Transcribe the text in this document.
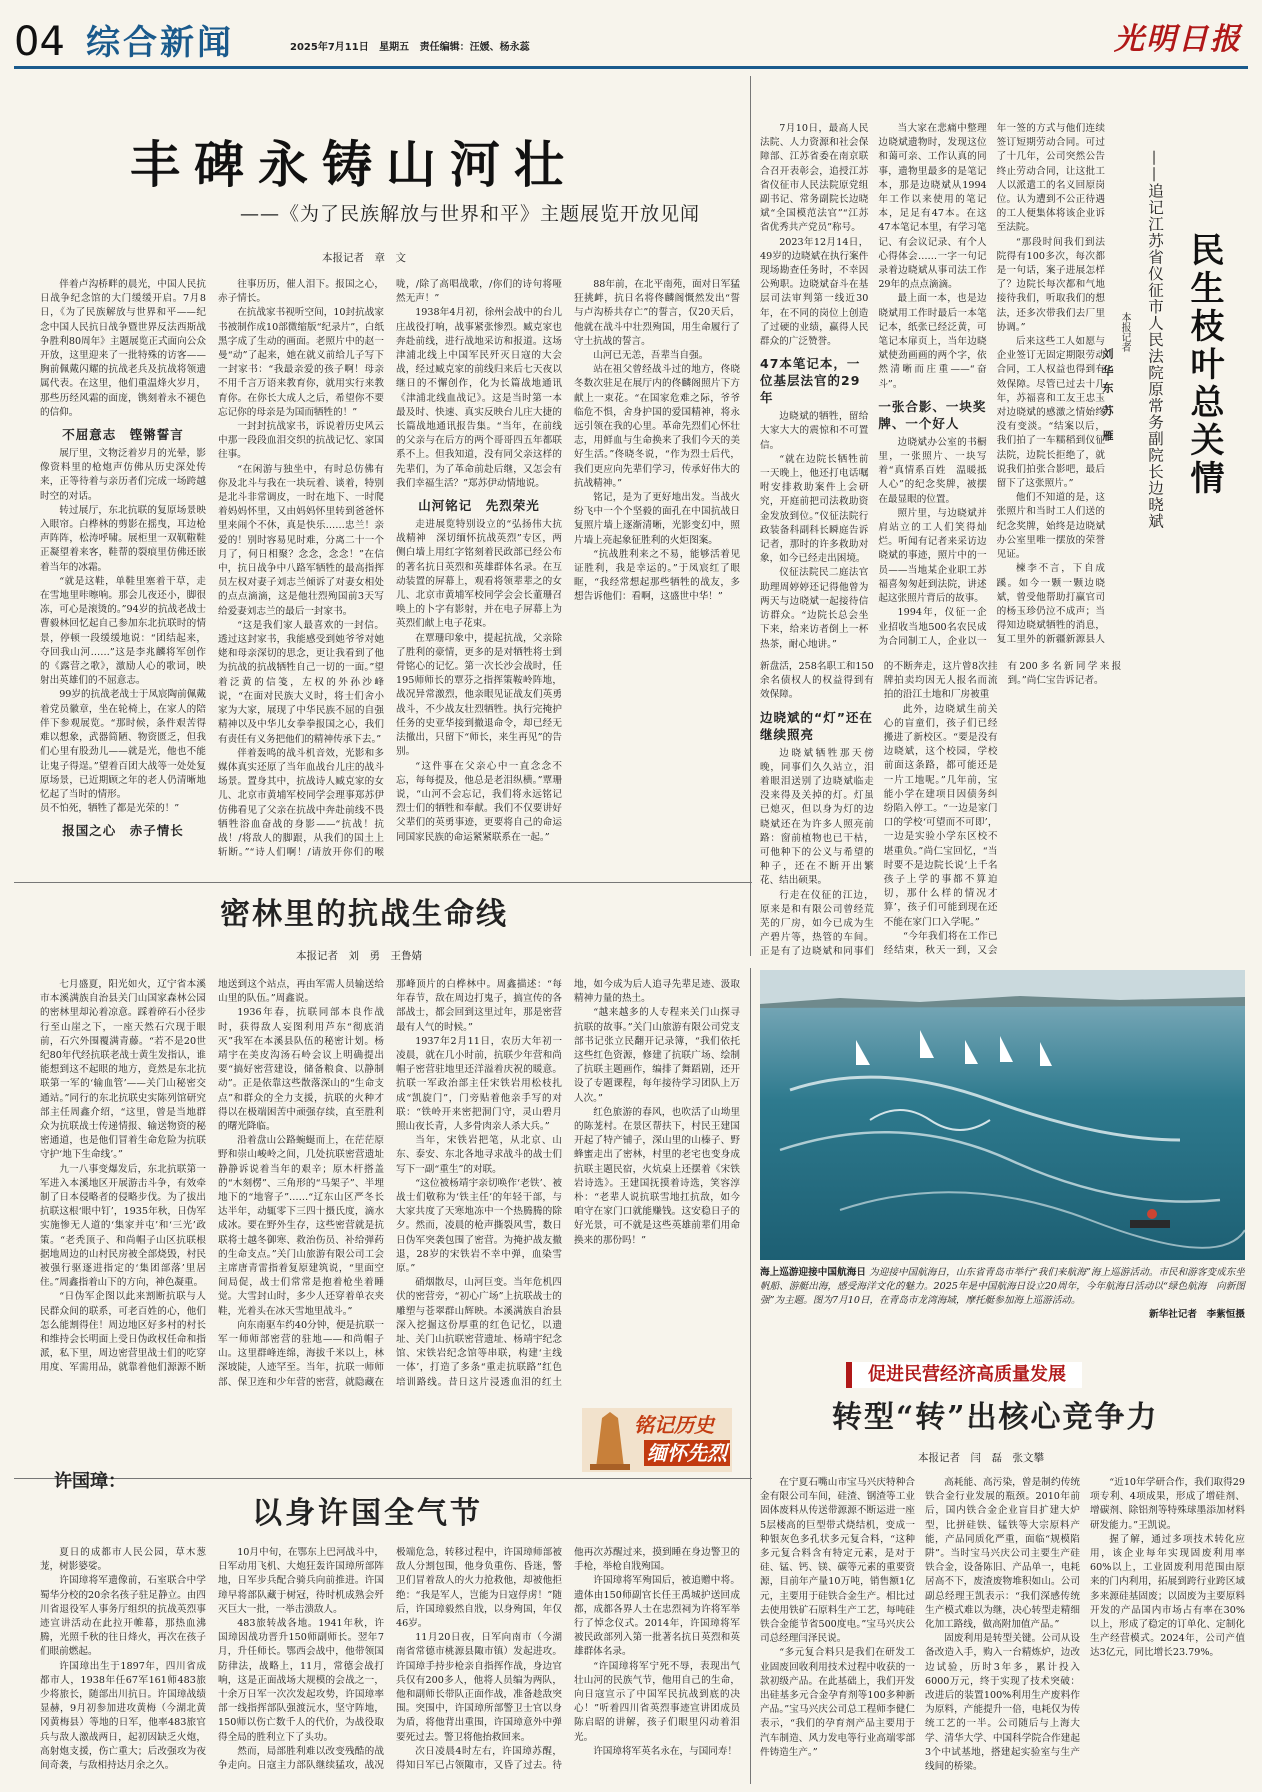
04 综合新闻	2025年7月11日 星期五 责任编辑：汪媛、杨永蕊	光明日报
丰碑永铸山河壮
——《为了民族解放与世界和平》主题展览开放见闻
本报记者　章　文

伴着卢沟桥畔的晨光，中国人民抗日战争纪念馆的大门缓缓开启。7月8日，《为了民族解放与世界和平——纪念中国人民抗日战争暨世界反法西斯战争胜利80周年》主题展览正式面向公众开放，这里迎来了一批特殊的访客——胸前佩戴闪耀的抗战老兵及抗战将领遗属代表。在这里，他们重温烽火岁月，那些历经风霜的面庞，镌刻着永不褪色的信仰。

不屈意志　铿锵誓言

展厅里，文物泛着岁月的光晕，影像资料里的枪炮声仿佛从历史深处传来，正等待着与亲历者们完成一场跨越时空的对话。

转过展厅，东北抗联的复原场景映入眼帘。白桦林的剪影在摇曳，耳边枪声阵阵，松涛呼啸。展柜里一双靰鞡鞋正凝望着来客，鞋帮的裂痕里仿佛还嵌着当年的冰霜。

“就是这鞋，单鞋里塞着干草，走在雪地里咔嚓响。那会儿夜还小，脚很冻，可心是滚烫的。”94岁的抗战老战士曹毅林回忆起自己参加东北抗联时的情景，停顿一段缓缓地说：“团结起来，夺回我山河……”这是李兆麟将军创作的《露营之歌》，激励人心的歌词，映射出英雄们的不屈意志。

99岁的抗战老战士于凤宸陶前佩戴着党员徽章，坐在轮椅上，在家人的陪伴下参观展览。“那时候，条件艰苦得难以想象，武器简陋、物资匮乏，但我们心里有股劲儿——就是光，他也不能让鬼子得逞。”望着百团大战等一处处复原场景，已近期顾之年的老人仍清晰地忆起了当时的情形。

员不怕死，牺牲了都是光荣的！”

报国之心　赤子情长

往事历历，催人泪下。报国之心，赤子情长。

在抗战家书视听空间，10封抗战家书被制作成10部微缩版“纪录片”，白纸黑字成了生动的画面。老照片中的赵一曼“动”了起来，她在就义前给儿子写下一封家书：“我最亲爱的孩子啊！母亲不用千言万语来教育你，就用实行来教育你。在你长大成人之后，希望你不要忘记你的母亲是为国而牺牲的！”

一封封抗战家书，诉说着历史风云中那一段段血泪交织的抗战记忆、家国往事。

“在闲游与独坐中，有时总仿佛有你及北斗与我在一块玩着、谈着，特别是北斗非常调皮，一时在地下、一时爬着妈妈怀里，又由妈妈怀里转到爸爸怀里来闹个不休，真是快乐……忠兰！亲爱的！别时容易见时难，分离二十一个月了，何日相聚？念念，念念！”在信中，抗日战争中八路军牺牲的最高指挥员左权对妻子刘志兰倾诉了对妻女相处的点点滴滴，这是他壮烈殉国前3天写给爱妻刘志兰的最后一封家书。

“这是我们家人最喜欢的一封信。透过这封家书，我能感受到她爷爷对她姥和母亲深切的思念，更让我看到了他为抗战的抗战牺牲自己一切的一面。”望着泛黄的信笺，左权的外孙沙峰说，“在面对民族大义时，将士们舍小家为大家，展现了中华民族不屈的自强精神以及中华儿女拳拳报国之心，我们有责任有义务把他们的精神传承下去。”

伴着轰鸣的战斗机音效，光影和多媒体真实还原了当年血战台儿庄的战斗场景。置身其中，抗战诗人臧克家的女儿、北京市黄埔军校同学会理事郑苏伊仿佛看见了父亲在抗战中奔赴前线不畏牺牲浴血奋战的身影——“抗战！抗战！/将敌人的脚跟，从我们的国土上斩断。”“诗人们啊！/请放开你们的喉咙，/除了高唱战歌，/你们的诗句将哑然无声！”

1938年4月初，徐州会战中的台儿庄战役打响，战事紧张惨烈。臧克家也奔赴前线，进行战地采访和报道。这场津浦北线上中国军民歼灭日寇的大会战，经过臧克家的前线归来后七天夜以继日的不懈创作，化为长篇战地通讯《津浦北线血战记》。这是当时第一本最及时、快速、真实反映台儿庄大捷的长篇战地通讯报告集。“当年，在前线的父亲与在后方的两个哥哥四五年都联系不上。但我知道，没有同父亲这样的先辈们，为了革命前赴后继，又怎会有我们幸福生活？”郑苏伊动情地说。

山河铭记　先烈荣光

走进展览特别设立的“弘扬伟大抗战精神　深切缅怀抗战英烈”专区，两侧白墙上用红字铭刻着民政部已经公布的著名抗日英烈和英雄群体名录。在互动装置的屏幕上，观看将领辈辈之的女儿、北京市黄埔军校同学会会长董珊召唤上的卜字有影射，并在电子屏幕上为英烈们献上电子花束。

在覃珊印象中，提起抗战，父亲除了胜利的豪情，更多的是对牺牲将士到骨铭心的记忆。第一次长沙会战时，任195师师长的覃芬之指挥策鞍岭阵地，战况异常激烈，他亲眼见证战友们英勇战斗，不少战友壮烈牺牲。执行完掩护任务的史亚华接到撤退命令，却已经无法撤出，只留下“师长，来生再见”的告别。

“这件事在父亲心中一直念念不忘，每每提及，他总是老泪纵横。”覃珊说，“山河不会忘记，我们将永远铭记烈士们的牺牲和奉献。我们不仅要讲好父辈们的英勇事迹，更要将自己的命运同国家民族的命运紧紧联系在一起。”

88年前，在北平南苑，面对日军猛狂挑衅，抗日名将佟麟阁慨然发出“誓与卢沟桥共存亡”的誓言，仅20天后，他就在战斗中壮烈殉国，用生命履行了守土抗战的誓言。

山河已无恙，吾辈当自强。

站在祖父曾经战斗过的地方，佟晓冬数次驻足在展厅内的佟麟阁照片下方献上一束花。“在国家危难之际，爷爷临危不惧，舍身护国的爱国精神，将永远引领在我的心里。革命先烈们心怀壮志，用鲜血与生命换来了我们今天的美好生活。”佟晓冬说，“作为烈士后代，我们更应向先辈们学习，传承好伟大的抗战精神。”

铭记，是为了更好地出发。当战火纷飞中一个个坚毅的面孔在中国抗战日复照片墙上逐渐清晰，光影变幻中，照片墙上亮起象征胜利的火炬图案。

“抗战胜利来之不易，能够活着见证胜利，我是幸运的。”于凤宸红了眼眶，“我经常想起那些牺牲的战友，多想告诉他们：看啊，这盛世中华！”

民生枝叶总关情
——追记江苏省仪征市人民法院原常务副院长边晓斌
本报记者
刘华东
苏雁

7月10日，最高人民法院、人力资源和社会保障部、江苏省委在南京联合召开表彰会，追授江苏省仪征市人民法院原党组副书记、常务副院长边晓斌“全国模范法官”“江苏省优秀共产党员”称号。

2023年12月14日，49岁的边晓斌在执行案件现场勘查任务时，不幸因公殉职。边晓斌奋斗在基层司法审判第一线近30年，在不同的岗位上创造了过硬的业绩，赢得人民群众的广泛赞誉。

47本笔记本，一位基层法官的29年

边晓斌的牺牲，留给大家大大的震惊和不可置信。

“就在边院长牺牲前一天晚上，他还打电话嘱咐安排救助案件上会研究，开庭前把司法救助资金发放到位。”仪征法院行政装备科副科长瞬庭告诉记者，那时的许多救助对象，如今已经走出困境。

仪征法院民二庭法官助理周婷婷还记得他曾为两天与边晓斌一起接待信访群众。“边院长总会坐下来，给来访者倒上一杯热茶，耐心地讲。”

当大家在悲痛中整理边晓斌遗物时，发现这位和蔼可亲、工作认真的同事，遗物里最多的是笔记本，那是边晓斌从1994年工作以来使用的笔记本，足足有47本。在这47本笔记本里，有学习笔记、有会议记录、有个人心得体会……一字一句记录着边晓斌从事司法工作29年的点点滴滴。

最上面一本，也是边晓斌用工作时最后一本笔记本，纸张已经泛黄，可笔记本扉页上，当年边晓斌使劲画画的两个字，依然清晰而庄重——“奋斗”。

一张合影、一块奖牌、一个好人

边晓斌办公室的书橱里，一张照片、一块写着“真情系百姓　温暖抵人心”的纪念奖牌，被摆在最显眼的位置。

照片里，与边晓斌并肩站立的工人们笑得灿烂。听闻有记者来采访边晓斌的事迹，照片中的一员——当地某企业职工苏福喜匆匆赶到法院，讲述起这张照片背后的故事。

1994年，仪征一企业招收当地500名农民成为合同制工人，企业以一年一签的方式与他们连续签订短期劳动合同。可过了十几年，公司突然公告终止劳动合同，让这批工人以派遣工的名义回原岗位。认为遭到不公正待遇的工人便集体将该企业诉至法院。

“那段时间我们到法院得有100多次，每次都是一句话，案子进展怎样了？边院长每次都和气地接待我们，听取我们的想法，还多次带我们去厂里协调。”

后来这些工人如愿与企业签订无固定期限劳动合同，工人权益也得到有效保障。尽管已过去十几年，苏福喜和工友王忠玉对边晓斌的感激之情始终没有变淡。“结案以后，我们拍了一车糯稻到仪征法院，边院长拒绝了，就说我们拍张合影吧，最后留下了这张照片。”

他们不知道的是，这张照片和当时工人们送的纪念奖牌，始终是边晓斌办公室里唯一摆放的荣誉见证。

楝李不言，下自成蹊。如今一颗一颗边晓斌，曾受他帮助打赢官司的杨玉珍仍泣不成声；当得知边晓斌牺牲的消息，复工里外的新疆新源县人

新盘活，258名职工和150余名债权人的权益得到有效保障。

边晓斌的“灯”还在继续照亮

边晓斌牺牲那天傍晚，同事们久久站立，泪着眼泪送别了边晓斌临走没来得及关掉的灯。灯虽已熄灭，但以身为灯的边晓斌还在为许多人照亮前路：窗前植物也已干枯，可他种下的公义与希望的种子，还在不断开出繁花、结出硕果。

行走在仪征的江边，原来是和有限公司曾经荒芜的厂房，如今已成为生产碧片等，热管的车间。正是有了边晓斌和同事们的不断奔走，这片曾8次挂牌拍卖均因无人报名而流拍的沿江土地和厂房被重

此外，边晓斌生前关心的盲童们，孩子们已经搬进了新校区。“要是没有边晓斌，这个校园，学校前面这条路，都可能还是一片工地呢。”几年前，宝能小学在建项目因债务纠纷陷入停工。“一边是家门口的学校‘可望而不可即’，一边是实验小学东区校不堪重负。”尚仁宝回忆，“当时要不是边院长说‘上千名孩子上学的事都不算迫切，那什么样的情况才算’，孩子们可能到现在还不能在家门口入学呢。”

“今年我们将在工作已经结束，秋天一到，又会有200多名新同学来报到。”尚仁宝告诉记者。

密林里的抗战生命线
本报记者　刘　勇　王鲁婧

七月盛夏，阳光如火，辽宁省本溪市本溪满族自治县关门山国家森林公园的密林里却沁着凉意。踩着碎石小径步行至山崖之下，一座天然石穴现于眼前，石穴外围覆满青藤。“若不是20世纪80年代经抗联老战士黄生发指认，谁能想到这不起眼的地方，竟然是东北抗联第一军的‘输血管’——关门山秘密交通站。”同行的东北抗联史实陈列馆研究部主任周鑫介绍，“这里，曾是当地群众为抗联战士传递情报、输送物资的秘密通道，也是他们冒着生命危险为抗联守护‘地下生命线’。”

九一八事变爆发后，东北抗联第一军进入本溪地区开展游击斗争，有效牵制了日本侵略者的侵略步伐。为了拔出抗联这根‘眼中钉’，1935年秋，日伪军实施惨无人道的‘集家并屯’和‘三光’政策。“老秃顶子、和尚帽子山区抗联根据地周边的山村民房被全部烧毁，村民被强行驱逐进指定的‘集团部落’里居住。”周鑫指着山下的方向，神色凝重。

“日伪军企图以此来割断抗联与人民群众间的联系，可老百姓的心，他们怎么能割得住！周边地区好多村的村长和维持会长明面上受日伪政权任命和指派，私下里，周边密营里战士们的吃穿用度、军需用品，就靠着他们源源不断地送到这个站点，再由军需人员输送给山里的队伍。”周鑫说。

1936年春，抗联同部本良作战时，获得敌人妄图利用芦东“彻底消灭”我军在本溪县队伍的秘密计划。杨靖宇在美皮沟汤石岭会议上明确提出要“搞好密营建设，储备粮食、以静制动”。正是依靠这些散落深山的“生命支点”和群众的全力支援，抗联的火种才得以在极端困苦中顽强存续，直至胜利的曙光降临。

沿着盘山公路蜿蜒而上，在茫茫原野和崇山峻岭之间，几处抗联密营遗址静静诉说着当年的艰辛；原木杆搭盖的“木刻楞”、三角形的“马架子”、半埋地下的“地窨子”……“辽东山区严冬长达半年，动辄零下三四十摄氏度，滴水成冰。要在野外生存，这些密营就是抗联将士越冬御寒、救治伤员、补给弹药的生命支点。”关门山旅游有限公司工会主席唐青雷指着复原建筑说，“里面空间局促，战士们常常是抱着枪坐着睡觉。大雪封山时，多少人还穿着单衣夹鞋，光着头在冰天雪地里战斗。”

向东南驱车约40分钟，便是抗联一军一师师部密营的驻地——和尚帽子山。这里群峰连绵，海拔千米以上，林深坡陡，人迹罕至。当年，抗联一师师部、保卫连和少年营的密营，就隐藏在那峰顶片的白桦林中。周鑫描述：“每年春节，敌在周边打鬼子，搞宣传的各部战士，都会回到这里过年，那是密营最有人气的时候。”

1937年2月11日，农历大年初一凌晨，就在几小时前，抗联少年营和尚帽子密营驻地里还洋溢着庆祝的暖意。抗联一军政治部主任宋铁岩用松枝扎成“凯旋门”，门旁贴着他亲手写的对联：“铁岭开来密把洞门守，灵山碧月照山夜长青，人多骨肉亲人杀大兵。”

当年，宋铁岩把笔，从北京、山东、泰安、东北各地寻求战斗的战士们写下一副“重生”的对联。

“这位被杨靖宇亲切唤作‘老铁’、被战士们敬称为‘铁主任’的年轻干部，与大家共度了天寒地冻中一个热腾腾的除夕。然而，凌晨的枪声撕裂风雪，数日日伪军突袭包围了密营。为掩护战友撤退，28岁的宋铁岩不幸中弹，血染雪原。”

硝烟散尽，山河巨变。当年危机四伏的密营旁，“初心广场”上抗联战士的雕塑与苍翠群山辉映。本溪满族自治县深入挖掘这份厚重的红色记忆，以遗址、关门山抗联密营遗址、杨靖宇纪念馆、宋铁岩纪念馆等串联，构建‘主线一体’，打造了多条“重走抗联路”红色培训路线。昔日这片浸透血泪的红土地，如今成为后人追寻先辈足迹、汲取精神力量的热土。

“越来越多的人专程来关门山探寻抗联的故事。”关门山旅游有限公司党支部书记张立民翻开记录簿，“我们依托这些红色资源，修建了抗联广场、绘制了抗联主题画作，编排了舞蹈剧，还开设了专题课程，每年接待学习团队上万人次。”

红色旅游的春风，也吹活了山坳里的陈茏村。在景区帮扶下，村民王建国开起了特产铺子，深山里的山榛子、野蜂蜜走出了密林，村里的老宅也变身成抗联主题民宿，火炕桌上还摆着《宋铁岩诗选》。王建国抚摸着诗选，笑容淳朴：“老辈人说抗联雪地扛抗敌，如今咱守在家门口就能赚钱。这安稳日子的好光景，可不就是这些英雄前辈们用命换来的那份吗！”

铭记历史
缅怀先烈
许国璋：
以身许国全气节

夏日的成都市人民公园，草木葱茏，树影婆娑。

许国璋将军遗像前，石室联合中学蜀华分校的20余名孩子驻足静立。由四川省退役军人事务厅组织的抗战英烈事迹宣讲活动在此拉开帷幕，那热血沸腾，光照千秋的往日烽火，再次在孩子们眼前燃起。

许国璋出生于1897年，四川省成都市人，1938年任67军161师483旅少将旅长，随部出川抗日。许国璋战绩显赫，9月初参加进攻黄梅（今湖北黄冈黄梅县）等地的日军，他率483旅官兵与敌人激战两日，起初因缺乏火炮，高射炮支援，伤亡重大；后改强攻为夜间奇袭，与敌相持达月余之久。

10月中旬，在鄂东上巴河战斗中，日军动用飞机、大炮狂轰许国璋所部阵地，日军步兵配合骑兵向前推进。许国璋早将部队藏于树冠，待时机成熟会歼灭巨大一批，一举击溃敌人。

483旅转战各地。1941年秋，许国璋因战功晋升150师副师长。翌年7月，升任师长。鄂西会战中，他带领国防律法，战略上，11月，常德会战打响，这是正面战场大规模的会战之一，十余万日军一次次发起攻势，许国璋率部一线指挥部队强渡沅水，坚守阵地，150师以伤亡数千人的代价，为战役取得全局的胜利立下了头功。

然而，局部胜利难以改变残酷的战争走向。日寇主力部队继续猛攻，战况极端危急，转移过程中，许国璋师部被敌人分割包围，他身负重伤、昏迷，警卫们冒着敌人的火力抢救他，却被他拒绝：“我是军人，岂能为日寇俘虏！”随后，许国璋毅然自戕，以身殉国，年仅46岁。

11月20日夜，日军向南市（今湖南省常德市桃源县陬市镇）发起进攻。许国璋手持步枪亲自指挥作战，身边官兵仅有200多人，他将人员编为两队，他和副师长带队正面作战，准备趁敌突围。突围中，许国璋所部警卫士官以身为盾，将他背出重围，许国璋意外中弹要死过去。警卫将他抬救回来。

次日凌晨4时左右，许国璋苏醒，得知日军已占领陬市，又昏了过去。待他再次苏醒过来，摸到睡在身边警卫的手枪，举枪自戕殉国。

许国璋将军殉国后，被追赠中将。遗体由150师副官长任王禹城护送回成都，成都各界人士在忠烈祠为许将军举行了悼念仪式。2014年，许国璋将军被民政部列入第一批著名抗日英烈和英雄群体名录。

“许国璋将军宁死不辱，表现出气壮山河的民族气节，他用自己的生命，向日寇宣示了中国军民抗战到底的决心！”听着四川省英烈事迹宣讲团成员陈启昭的讲解，孩子们眼里闪动着泪光。

许国璋将军英名永在，与国同寿！

海上巡游迎接中国航海日 为迎接中国航海日，山东省青岛市举行“我们来航海”海上巡游活动。市民和游客变成东坐帆船、游艇出海，感受海洋文化的魅力。2025年是中国航海日设立20周年，今年航海日活动以“绿色航海　向新图强”为主题。图为7月10日，在青岛市龙湾海域，摩托艇参加海上巡游活动。
新华社记者　李紫恒摄
促进民营经济高质量发展
转型“转”出核心竞争力
本报记者　闫　磊　张文攀

在宁夏石嘴山市宝马兴庆特种合金有限公司车间，硅渣、钢渣等工业固体废料从传送带源源不断运进一座5层楼高的巨型带式烧结机，变成一种银灰色多孔状多元复合料，“这种多元复合料含有特定元素，是对于硅、锰、钙、镁、碳等元素的重要资源，目前年产量10万吨，销售额1亿元，主要用于硅铁合金生产。相比过去使用铁矿石原料生产工艺，每吨硅铁合金能节省500度电。”宝马兴庆公司总经理闫泽民说。

“多元复合料只是我们在研发工业固废回收利用技术过程中收获的一款初级产品。在此基础上，我们开发出硅基多元合金孕育剂等100多种新产品。”宝马兴庆公司总工程师李健仁表示，“我们的孕育剂产品主要用于汽车制造、风力发电等行业高端零部件铸造生产。”

高耗能、高污染，曾是制约传统铁合金行业发展的瓶颈。2010年前后，国内铁合金企业盲目扩建大炉型，比拼硅铁、锰铁等大宗原料产能，产品同质化严重，面临“规模陷阱”。当时宝马兴庆公司主要生产硅铁合金，设备陈旧、产品单一，电耗居高不下，废渣废物堆积如山。公司副总经理王凯表示：“我们深感传统生产模式难以为继，决心转型走精细化加工路线，做高附加值产品。”

固废利用是转型关键。公司从设备改造入手，购入一台精炼炉，边改边试验，历时3年多，累计投入6000万元，终于实现了技术突破：改进后的装置100%利用生产废料作为原料，产能提升一倍，电耗仅为传统工艺的一半。公司随后与上海大学、清华大学、中国科学院合作建起3个中试基地，搭建起实验室与生产线间的桥梁。

“近10年学研合作，我们取得29项专利、4项成果，形成了增硅剂、增碳剂、除铝剂等特殊球墨添加材料研发能力。”王凯说。

握了解，通过多项技术转化应用，该企业每年实现固废利用率60%以上，工业固废利用范围由原来的门内利用，拓展到跨行业跨区域多来源硅基固废；以固废为主要原料开发的产品国内市场占有率在30%以上，形成了稳定的订单化、定制化生产经营模式。2024年，公司产值达3亿元，同比增长23.79%。
